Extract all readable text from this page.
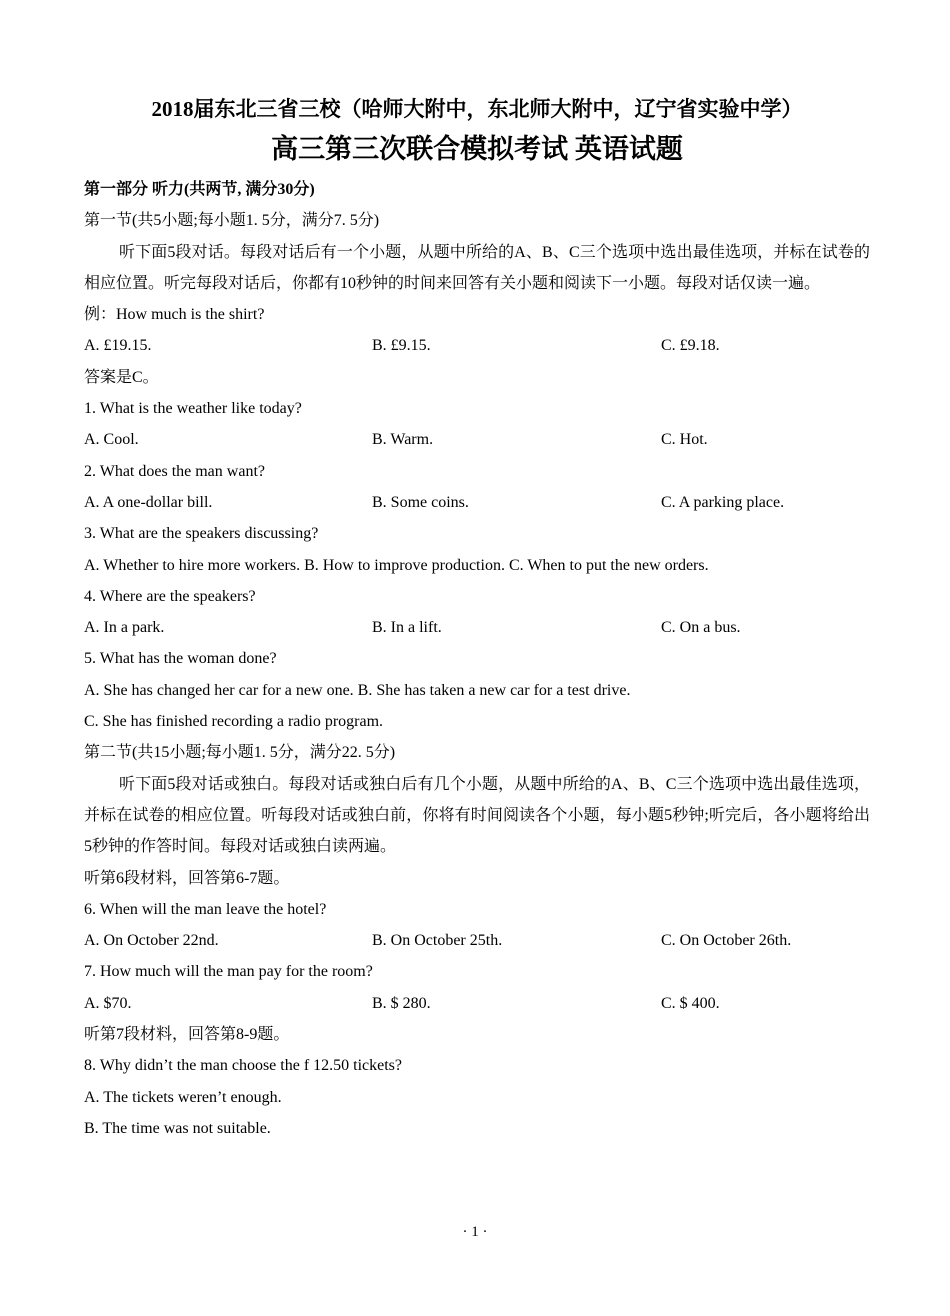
2018届东北三省三校（哈师大附中，东北师大附中，辽宁省实验中学）

高三第三次联合模拟考试 英语试题

第一部分 听力(共两节, 满分30分)
第一节(共5小题;每小题1. 5分，满分7. 5分)

听下面5段对话。每段对话后有一个小题，从题中所给的A、B、C三个选项中选出最佳选项，并标在试卷的相应位置。听完每段对话后，你都有10秒钟的时间来回答有关小题和阅读下一小题。每段对话仅读一遍。

例：How much is the shirt?
A. £19.15.	B. £9.15.	C. £9.18.
答案是C。
1. What is the weather like today?
A. Cool.	B. Warm.	C. Hot.
2. What does the man want?
A. A one-dollar bill.	B. Some coins.	C. A parking place.
3. What are the speakers discussing?
A. Whether to hire more workers. B. How to improve production. C. When to put the new orders.
4. Where are the speakers?
A. In a park.	B. In a lift.	C. On a bus.
5. What has the woman done?
A. She has changed her car for a new one. B. She has taken a new car for a test drive.
C. She has finished recording a radio program.
第二节(共15小题;每小题1. 5分，满分22. 5分)

听下面5段对话或独白。每段对话或独白后有几个小题，从题中所给的A、B、C三个选项中选出最佳选项，并标在试卷的相应位置。听每段对话或独白前，你将有时间阅读各个小题，每小题5秒钟;听完后，各小题将给出5秒钟的作答时间。每段对话或独白读两遍。

听第6段材料，回答第6-7题。
6. When will the man leave the hotel?
A. On October 22nd.	B. On October 25th.	C. On October 26th.
7. How much will the man pay for the room?
A. $70.	B. $ 280.	C. $ 400.
听第7段材料，回答第8-9题。
8. Why didn’t the man choose the f 12.50 tickets?
A. The tickets weren’t enough.
B. The time was not suitable.
· 1 ·
